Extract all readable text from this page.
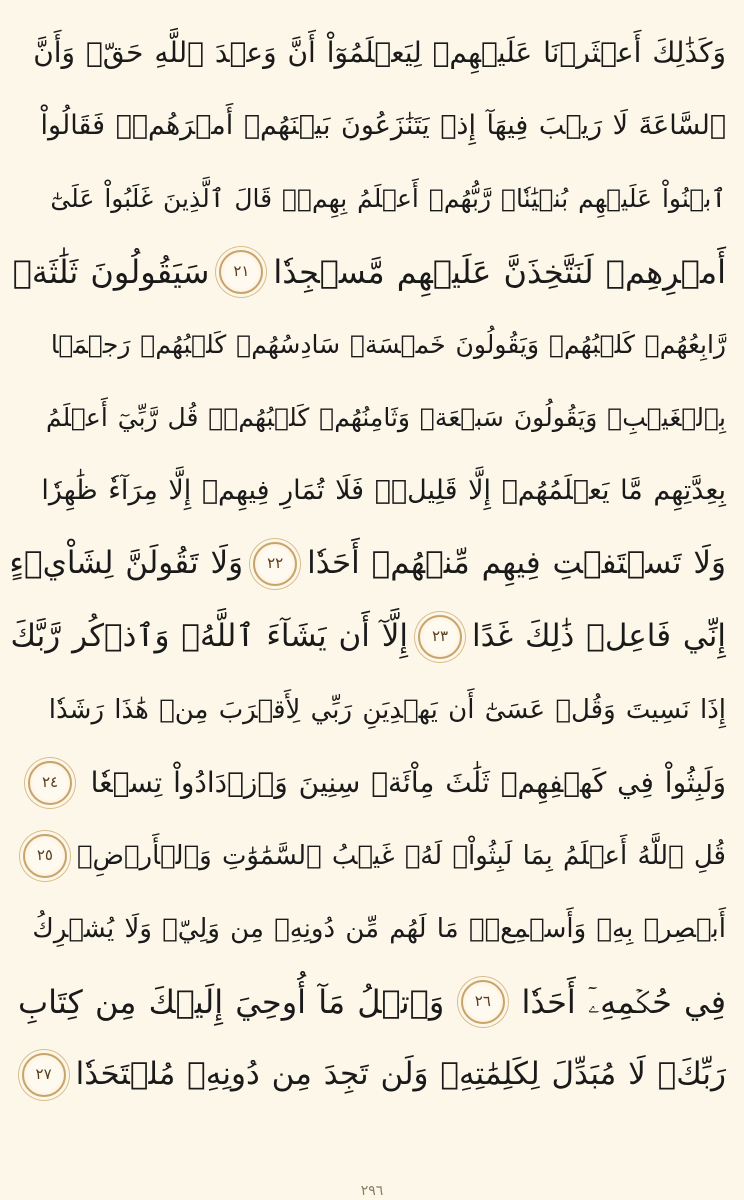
وَكَذَٰلِكَ أَعۡثَرۡنَا عَلَيۡهِمۡ لِيَعۡلَمُوٓاْ أَنَّ وَعۡدَ ٱللَّهِ حَقّٞ وَأَنَّ
ٱلسَّاعَةَ لَا رَيۡبَ فِيهَآ إِذۡ يَتَنَٰزَعُونَ بَيۡنَهُمۡ أَمۡرَهُمۡۖ فَقَالُواْ
ٱبۡنُواْ عَلَيۡهِم بُنۡيَٰنٗاۖ رَّبُّهُمۡ أَعۡلَمُ بِهِمۡۚ قَالَ ٱلَّذِينَ غَلَبُواْ عَلَىٰٓ
أَمۡرِهِمۡ لَنَتَّخِذَنَّ عَلَيۡهِم مَّسۡجِدٗا
٢١
سَيَقُولُونَ ثَلَٰثَةٞ
رَّابِعُهُمۡ كَلۡبُهُمۡ وَيَقُولُونَ خَمۡسَةٞ سَادِسُهُمۡ كَلۡبُهُمۡ رَجۡمَۢا
بِٱلۡغَيۡبِۖ وَيَقُولُونَ سَبۡعَةٞ وَثَامِنُهُمۡ كَلۡبُهُمۡۚ قُل رَّبِّيٓ أَعۡلَمُ
بِعِدَّتِهِم مَّا يَعۡلَمُهُمۡ إِلَّا قَلِيلٞۗ فَلَا تُمَارِ فِيهِمۡ إِلَّا مِرَآءٗ ظَٰهِرٗا
وَلَا تَسۡتَفۡتِ فِيهِم مِّنۡهُمۡ أَحَدٗا
٢٢
وَلَا تَقُولَنَّ لِشَاْيۡءٍ
إِنِّي فَاعِلٞ ذَٰلِكَ غَدًا
٢٣
إِلَّآ أَن يَشَآءَ ٱللَّهُۚ وَٱذۡكُر رَّبَّكَ
إِذَا نَسِيتَ وَقُلۡ عَسَىٰٓ أَن يَهۡدِيَنِ رَبِّي لِأَقۡرَبَ مِنۡ هَٰذَا رَشَدٗا
وَلَبِثُواْ فِي كَهۡفِهِمۡ ثَلَٰثَ مِاْئَةٖ سِنِينَ وَٱزۡدَادُواْ تِسۡعٗا
٢٤
قُلِ ٱللَّهُ أَعۡلَمُ بِمَا لَبِثُواْۖ لَهُۥ غَيۡبُ ٱلسَّمَٰوَٰتِ وَٱلۡأَرۡضِۖ
٢٥
أَبۡصِرۡ بِهِۦ وَأَسۡمِعۡۚ مَا لَهُم مِّن دُونِهِۦ مِن وَلِيّٖ وَلَا يُشۡرِكُ
فِي حُكۡمِهِۦٓ أَحَدٗا
٢٦
وَٱتۡلُ مَآ أُوحِيَ إِلَيۡكَ مِن كِتَابِ
رَبِّكَۖ لَا مُبَدِّلَ لِكَلِمَٰتِهِۦ وَلَن تَجِدَ مِن دُونِهِۦ مُلۡتَحَدٗا
٢٧
٢٩٦
